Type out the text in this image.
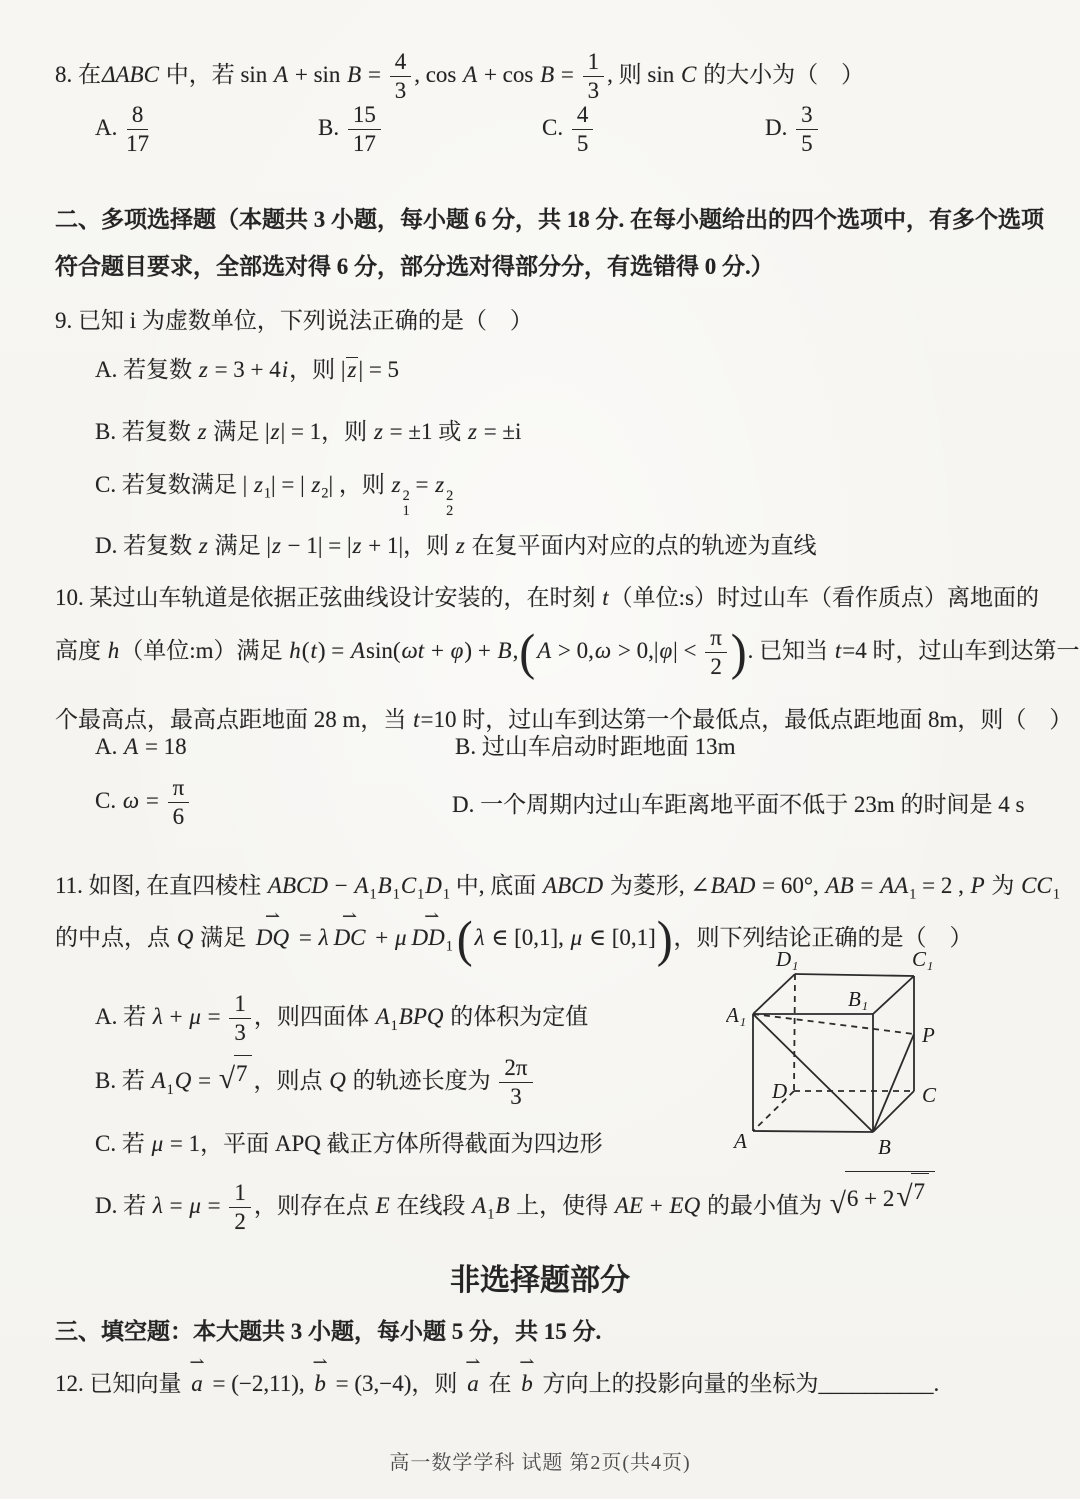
8. 在ΔABC 中，若 $\sin A + \sin B = \frac{4}{3}$ , $\cos A + \cos B = \frac{1}{3}$ , 则 sin C 的大小为（　）

A. $\frac{8}{17}$	B. $\frac{15}{17}$	C. $\frac{4}{5}$	D. $\frac{3}{5}$

二、多项选择题（本题共 3 小题，每小题 6 分，共 18 分. 在每小题给出的四个选项中，有多个选项

符合题目要求，全部选对得 6 分，部分选对得部分分，有选错得 0 分.）

9. 已知 i 为虚数单位，下列说法正确的是（　）

A. 若复数 z = 3 + 4i，则 |z| = 5

B. 若复数 z 满足 |z| = 1，则 z = ±1 或 z = ±i

C. 若复数满足 | $z_1|$ = | $z_2|$ ，则 z 2
1
= z 2
2

D. 若复数 z 满足 |z − 1| = |z + 1|，则 z 在复平面内对应的点的轨迹为直线

10. 某过山车轨道是依据正弦曲线设计安装的，在时刻 t（单位:s）时过山车（看作质点）离地面的

高度 h（单位:m）满足 $h(t) = Asin(\omega t + \varphi) + B,(A > 0,\omega > 0,|\varphi| < \frac{\pi}{2}$ ). 已知当 t=4 时，过山车到达第一

个最高点，最高点距地面 28 m，当 t=10 时，过山车到达第一个最低点，最低点距地面 8m，则（　）

A. A = 18	B. 过山车启动时距地面 13m
C. $\omega = \frac{\pi}{6}$	D. 一个周期内过山车距离地平面不低于 23m 的时间是 4 s

11. 如图, 在直四棱柱 ABCD − $A_1B_1C_1D_1$ 中, 底面 ABCD 为菱形, ∠BAD = 60°, AB = $AA_1 = 2$ , P 为 $CC_1$

的中点，点 Q 满足
⇀
DQ = λ
⇀
DC + μ
⇀
$DD_1(\lambda$ ∈ [0,1], μ ∈ [0,1])，则下列结论正确的是（　）

A. 若 $\lambda + \mu = \frac{1}{3}$ ，则四面体 $A_1BPQ$ 的体积为定值

B. 若 $A_1Q$ = √ 7 ，则点 Q 的轨迹长度为 $\frac{2\pi}{3}$

C. 若 μ = 1，平面 APQ 截正方体所得截面为四边形

D. 若 $\lambda = \mu = \frac{1}{2}$ ，则存在点 E 在线段 $A_1B$ 上，使得 AE + EQ 的最小值为 √ 6 + 2 √ 7

D₁	C₁
B₁
A₁
P
D	C
A	B

非选择题部分

三、填空题：本大题共 3 小题，每小题 5 分，共 15 分.

12. 已知向量
⇀
a = (−2,11),
⇀
b = (3,−4)，则
⇀
a 在
⇀
b 方向上的投影向量的坐标为__________.

高一数学学科 试题 第2页(共4页)
